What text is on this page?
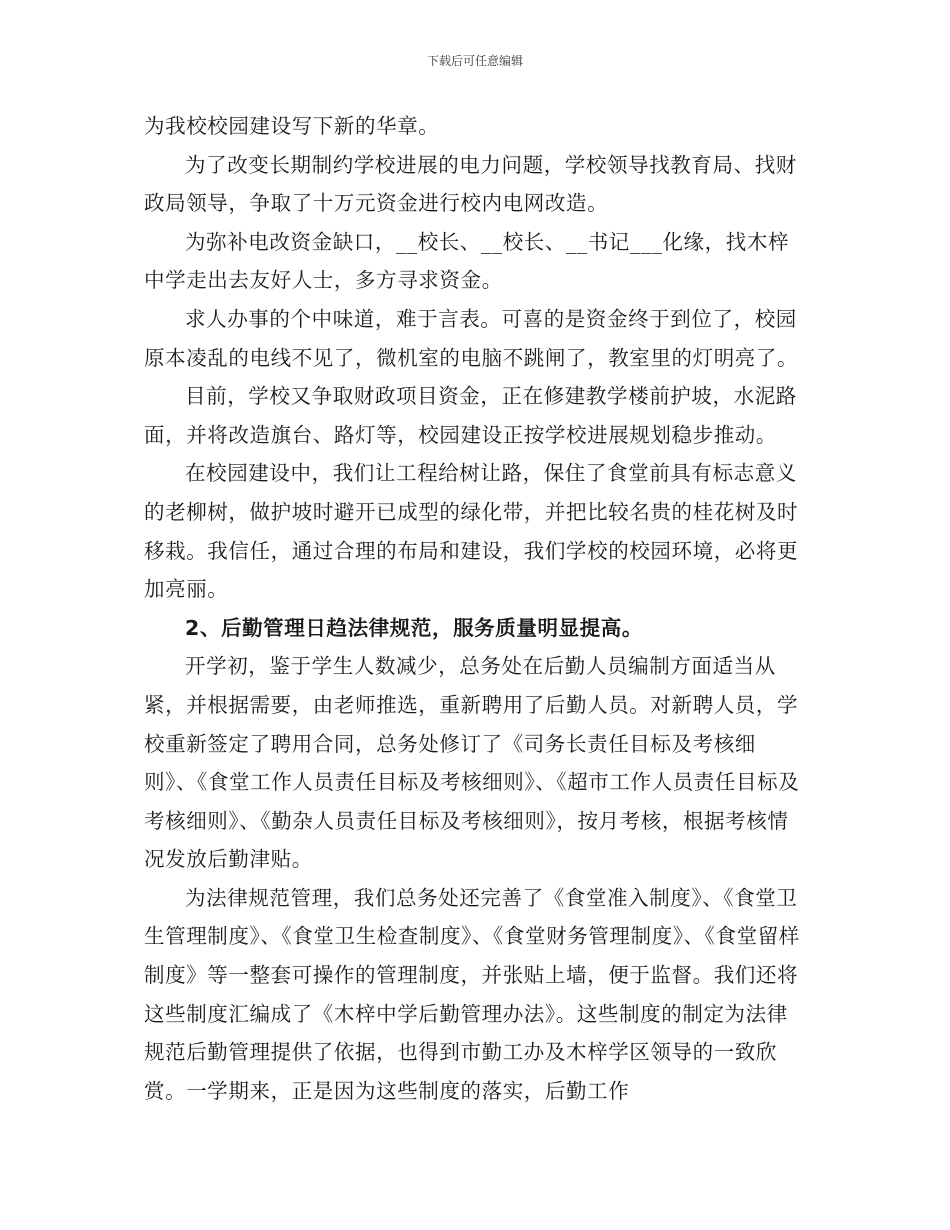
下载后可任意编辑

为我校校园建设写下新的华章。

为了改变长期制约学校进展的电力问题，学校领导找教育局、找财政局领导，争取了十万元资金进行校内电网改造。

为弥补电改资金缺口，__校长、__校长、__书记___化缘，找木梓中学走出去友好人士，多方寻求资金。

求人办事的个中味道，难于言表。可喜的是资金终于到位了，校园原本凌乱的电线不见了，微机室的电脑不跳闸了，教室里的灯明亮了。

目前，学校又争取财政项目资金，正在修建教学楼前护坡，水泥路面，并将改造旗台、路灯等，校园建设正按学校进展规划稳步推动。

在校园建设中，我们让工程给树让路，保住了食堂前具有标志意义的老柳树，做护坡时避开已成型的绿化带，并把比较名贵的桂花树及时移栽。我信任，通过合理的布局和建设，我们学校的校园环境，必将更加亮丽。

2、后勤管理日趋法律规范，服务质量明显提高。

开学初，鉴于学生人数减少，总务处在后勤人员编制方面适当从紧，并根据需要，由老师推选，重新聘用了后勤人员。对新聘人员，学校重新签定了聘用合同，总务处修订了《司务长责任目标及考核细则》、《食堂工作人员责任目标及考核细则》、《超市工作人员责任目标及考核细则》、《勤杂人员责任目标及考核细则》，按月考核，根据考核情况发放后勤津贴。

为法律规范管理，我们总务处还完善了《食堂准入制度》、《食堂卫生管理制度》、《食堂卫生检查制度》、《食堂财务管理制度》、《食堂留样制度》等一整套可操作的管理制度，并张贴上墙，便于监督。我们还将这些制度汇编成了《木梓中学后勤管理办法》。这些制度的制定为法律规范后勤管理提供了依据，也得到市勤工办及木梓学区领导的一致欣赏。一学期来，正是因为这些制度的落实，后勤工作
